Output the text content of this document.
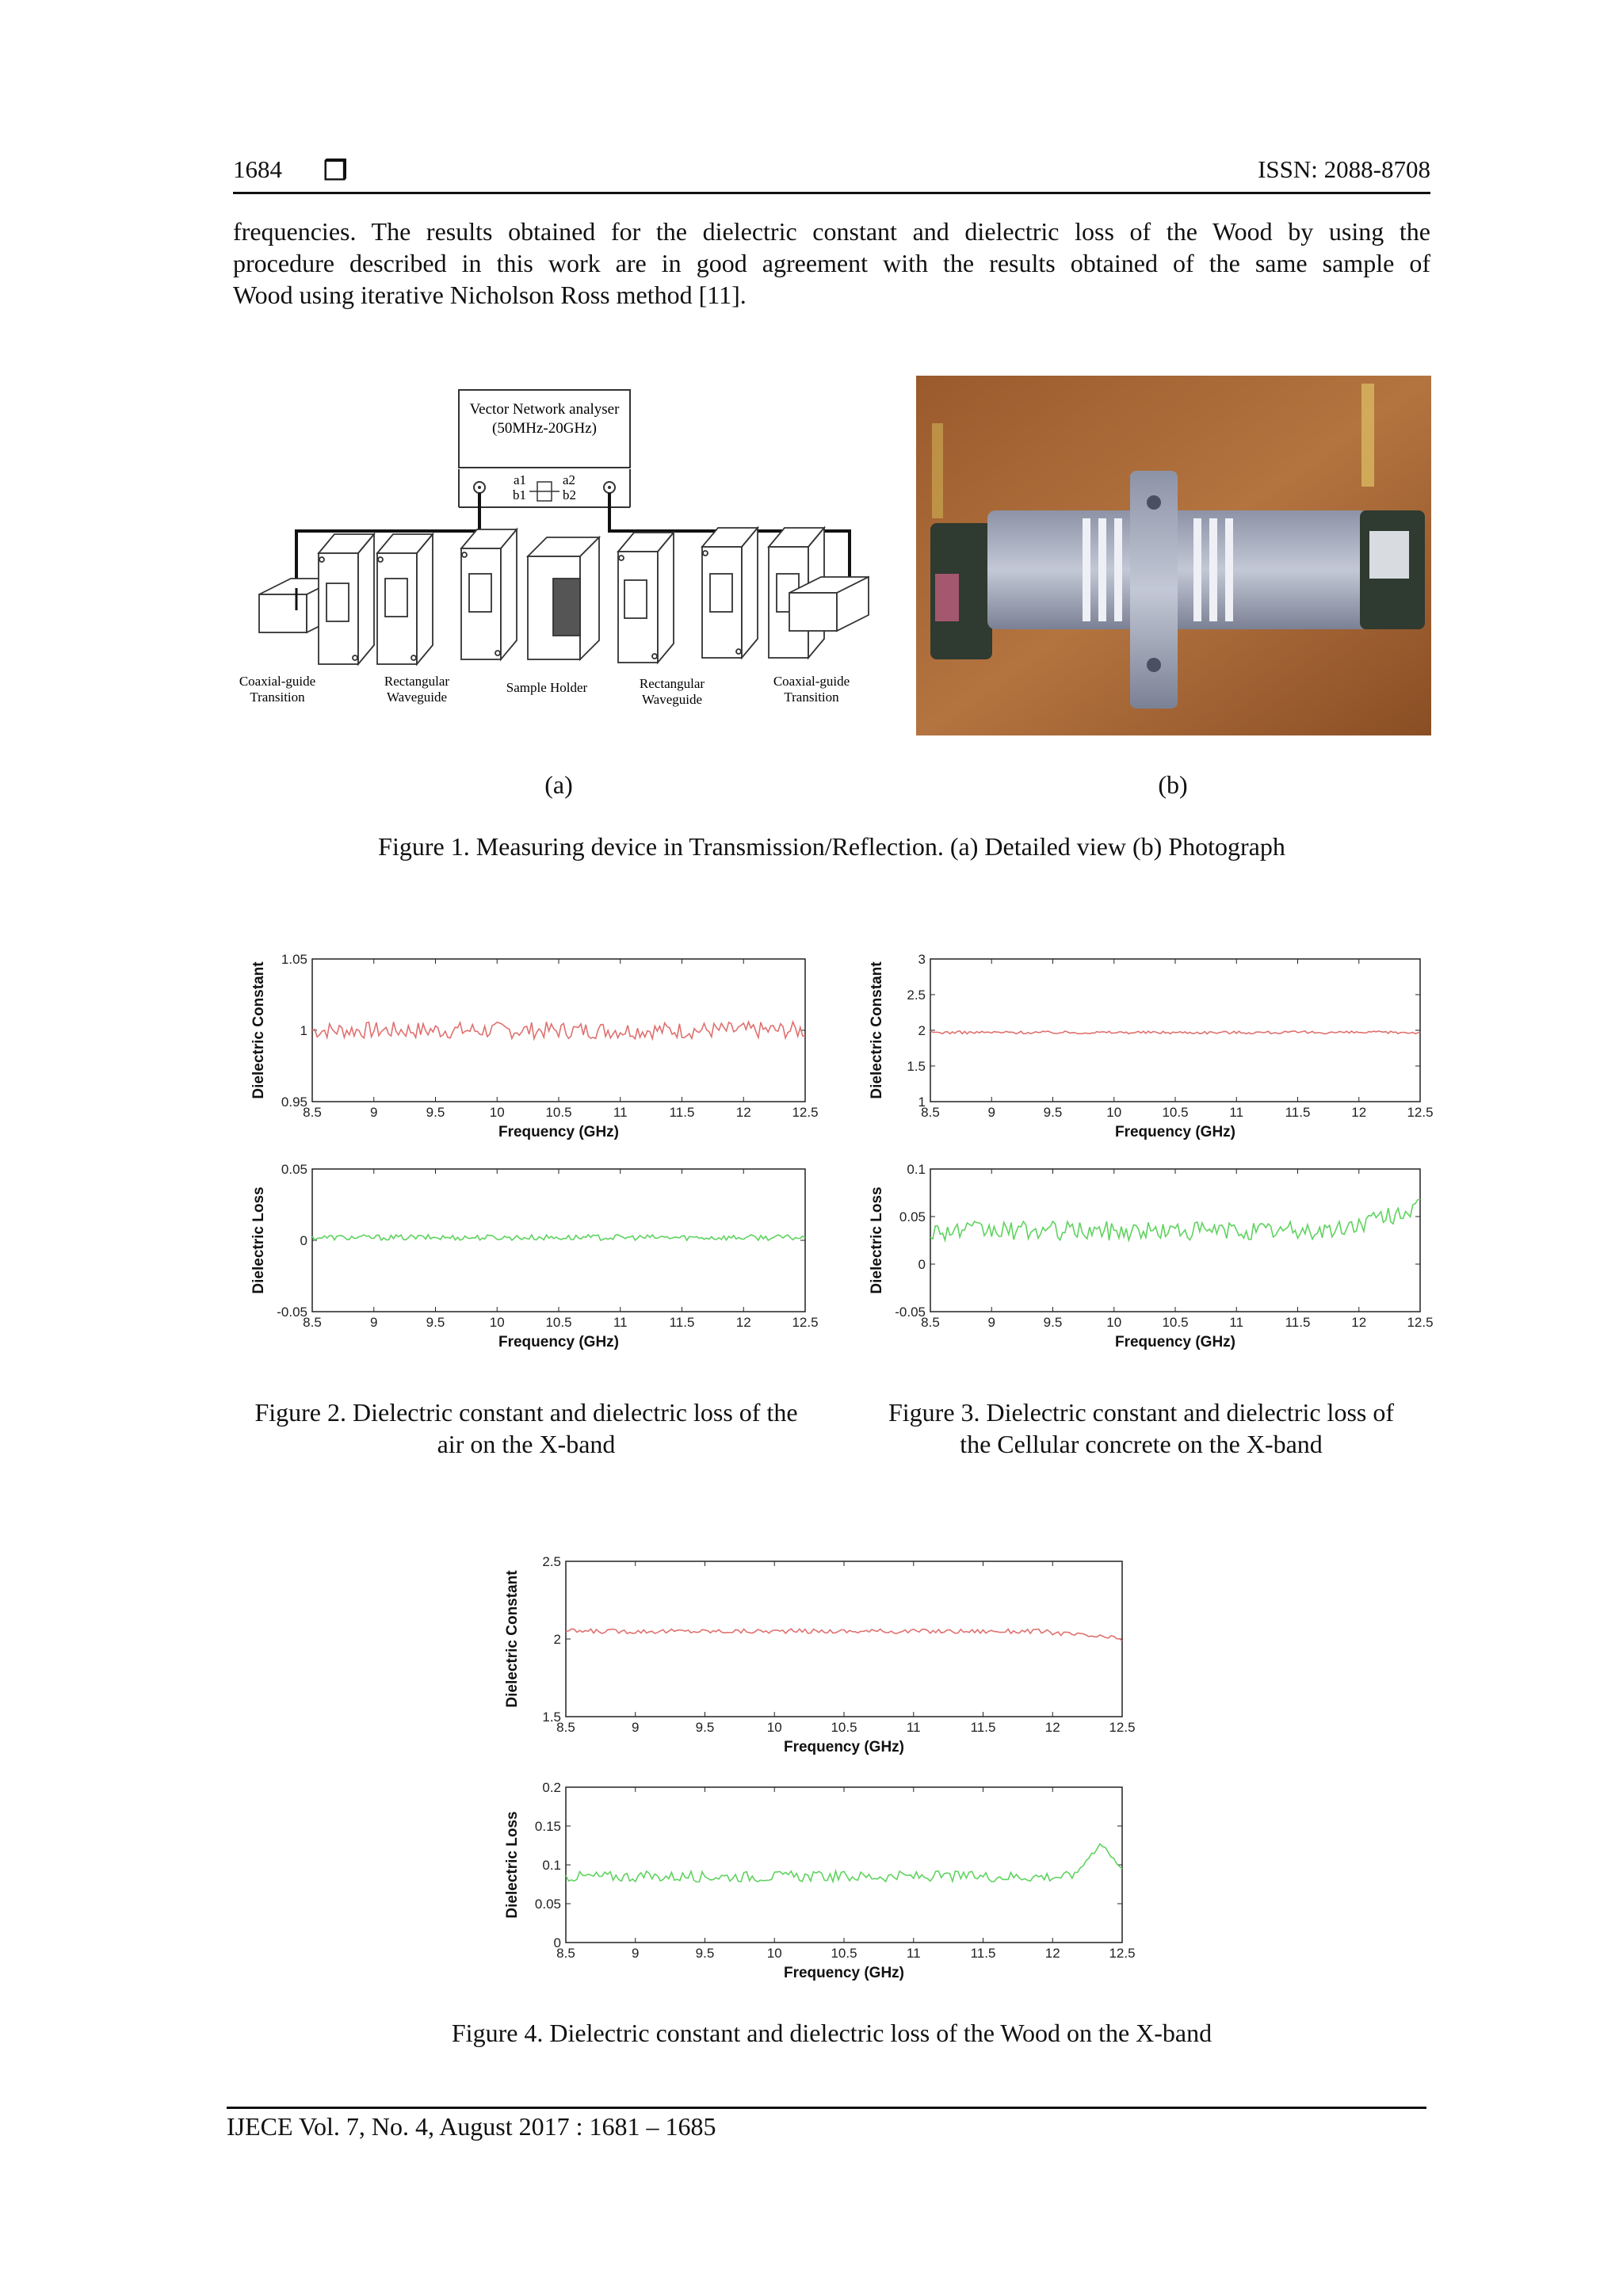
1684 ❒	ISSN: 2088-8708
frequencies. The results obtained for the dielectric constant and dielectric loss of the Wood by using the
procedure described in this work are in good agreement with the results obtained of the same sample of
Wood using iterative Nicholson Ross method [11].
Vector Network analyser
(50MHz-20GHz)
a1
b1
a2
b2
Coaxial-guide
Transition
Rectangular
Waveguide
Sample Holder	Rectangular
Waveguide
Coaxial-guide
Transition
(a)	(b)
Figure 1. Measuring device in Transmission/Reflection. (a) Detailed view (b) Photograph
8.5	9	9.5	10	10.5	11	11.5	12	12.5
0.95
1
1.05
Frequency (GHz)
Dielectric Constant
8.5	9	9.5	10	10.5	11	11.5	12	12.5
-0.05
0
0.05
Frequency (GHz)
Dielectric Loss
8.5	9	9.5	10	10.5	11	11.5	12	12.5
1
1.5
2
2.5
3
Frequency (GHz)
Dielectric Constant
8.5	9	9.5	10	10.5	11	11.5	12	12.5
-0.05
0
0.05
0.1
Frequency (GHz)
Dielectric Loss
8.5	9	9.5	10	10.5	11	11.5	12	12.5
1.5
2
2.5
Frequency (GHz)
Dielectric Constant
8.5	9	9.5	10	10.5	11	11.5	12	12.5
0
0.05
0.1
0.15
0.2
Frequency (GHz)
Dielectric Loss
Figure 2. Dielectric constant and dielectric loss of the
air on the X-band
Figure 3. Dielectric constant and dielectric loss of
the Cellular concrete on the X-band
Figure 4. Dielectric constant and dielectric loss of the Wood on the X-band
IJECE Vol. 7, No. 4, August 2017 : 1681 – 1685
